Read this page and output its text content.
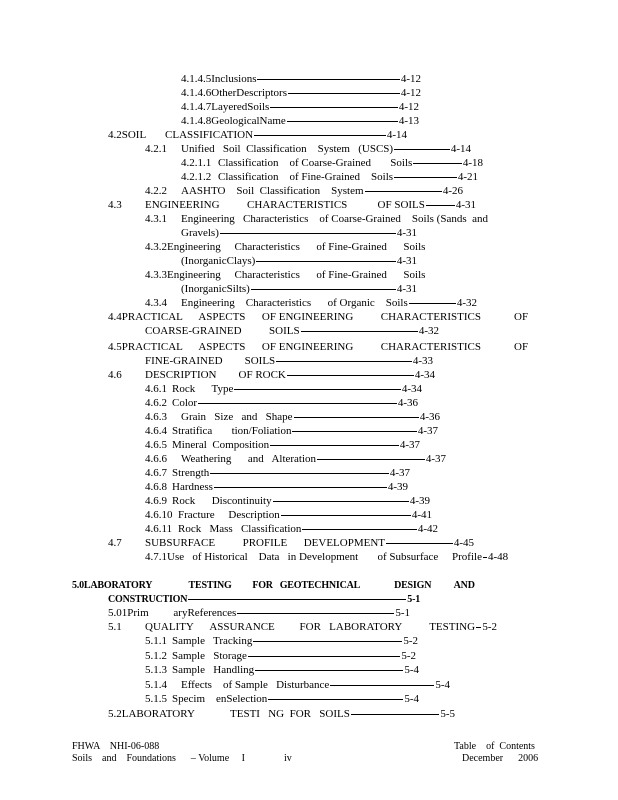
4.1.4.5Inclusions	4-12
4.1.4.6OtherDescriptors	4-12
4.1.4.7LayeredSoils	4-12
4.1.4.8GeologicalName	4-13
4.2SOIL       CLASSIFICATION	4-14
4.2.1	Unified   Soil  Classification    System   (USCS)	4-14
4.2.1.1 Classification    of Coarse-Grained       Soils	4-18
4.2.1.2 Classification    of Fine-Grained    Soils	4-21
4.2.2	AASHTO    Soil  Classification    System	4-26
4.3	ENGINEERING          CHARACTERISTICS           OF SOILS	4-31
4.3.1	Engineering   Characteristics    of Coarse-Grained    Soils (Sands  and
Gravels)	4-31
4.3.2 Engineering     Characteristics      of Fine-Grained      Soils
(InorganicClays)	4-31
4.3.3 Engineering     Characteristics      of Fine-Grained      Soils
(InorganicSilts)	4-31
4.3.4	Engineering    Characteristics      of Organic    Soils	4-32
4.4 PRACTICAL      ASPECTS      OF ENGINEERING          CHARACTERISTICS            OF
COARSE-GRAINED          SOILS	4-32
4.5 PRACTICAL      ASPECTS      OF ENGINEERING          CHARACTERISTICS            OF
FINE-GRAINED        SOILS	4-33
4.6	DESCRIPTION        OF ROCK	4-34
4.6.1 Rock      Type	4-34
4.6.2 Color	4-36
4.6.3	Grain   Size   and   Shape	4-36
4.6.4 Stratifica       tion/Foliation	4-37
4.6.5 Mineral  Composition	4-37
4.6.6	Weathering      and   Alteration	4-37
4.6.7 Strength	4-37
4.6.8 Hardness	4-39
4.6.9 Rock      Discontinuity	4-39
4.6.10 Fracture     Description	4-41
4.6.11 Rock   Mass   Classification	4-42
4.7	SUBSURFACE          PROFILE      DEVELOPMENT	4-45
4.7.1 Use   of Historical    Data   in Development       of Subsurface     Profile 4-48
5.0 LABORATORY                TESTING         FOR   GEOTECHNICAL               DESIGN          AND
CONSTRUCTION	5-1
5.01Prim         aryReferences	5-1
5.1	QUALITY      ASSURANCE         FOR   LABORATORY          TESTING 5-2
5.1.1 Sample   Tracking	5-2
5.1.2 Sample   Storage	5-2
5.1.3 Sample   Handling	5-4
5.1.4	Effects    of Sample   Disturbance	5-4
5.1.5 Specim    enSelection	5-4
5.2LABORATORY             TESTI   NG  FOR   SOILS	5-5
FHWA    NHI-06-088
Soils    and    Foundations      – Volume     I	iv
Table    of  Contents
December      2006
